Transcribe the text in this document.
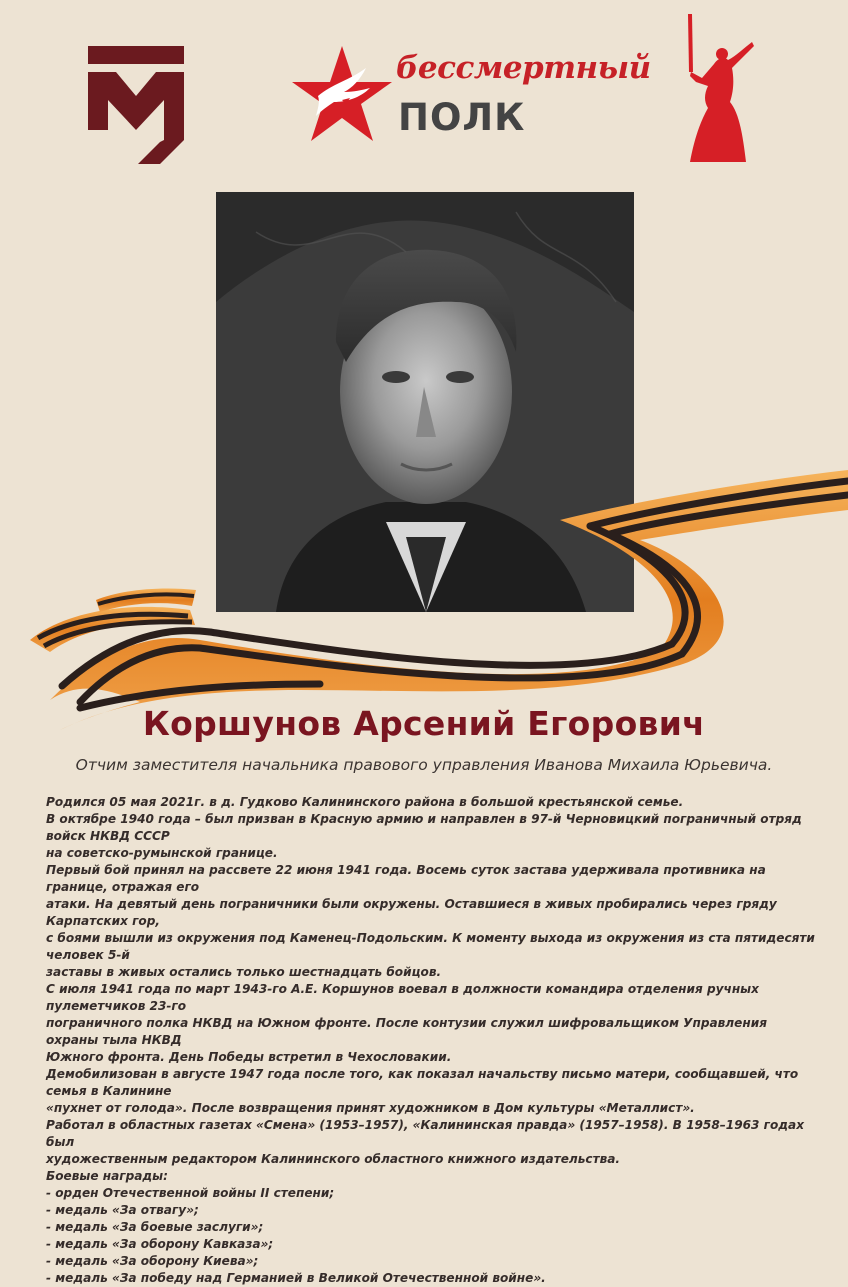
бессмертный
ПОЛК
Коршунов Арсений Егорович
Отчим заместителя начальника правового управления Иванова Михаила Юрьевича.

Родился 05 мая 2021г. в д. Гудково Калининского района в большой крестьянской семье.

В октябре 1940 года – был призван в Красную армию и направлен в 97-й Черновицкий пограничный отряд войск НКВД СССР

на советско-румынской границе.

Первый бой принял на рассвете 22 июня 1941 года. Восемь суток застава удерживала противника на границе, отражая его

атаки. На девятый день пограничники были окружены. Оставшиеся в живых пробирались через гряду Карпатских гор,

с боями вышли из окружения под Каменец-Подольским. К моменту выхода из окружения из ста пятидесяти человек 5-й

заставы в живых остались только шестнадцать бойцов.

С июля 1941 года по март 1943-го А.Е. Коршунов воевал в должности командира отделения ручных пулеметчиков 23-го

пограничного полка НКВД на Южном фронте. После контузии служил шифровальщиком Управления охраны тыла НКВД

Южного фронта. День Победы встретил в Чехословакии.

Демобилизован в августе 1947 года после того, как показал начальству письмо матери, сообщавшей, что семья в Калинине

«пухнет от голода». После возвращения принят художником в Дом культуры «Металлист».

Работал в областных газетах «Смена» (1953–1957), «Калининская правда» (1957–1958). В 1958–1963 годах был

художественным редактором Калининского областного книжного издательства.

Боевые награды:

- орден Отечественной войны II степени;

- медаль «За отвагу»;

- медаль «За боевые заслуги»;

- медаль «За оборону Кавказа»;

- медаль «За оборону Киева»;

- медаль «За победу над Германией в Великой Отечественной войне».
